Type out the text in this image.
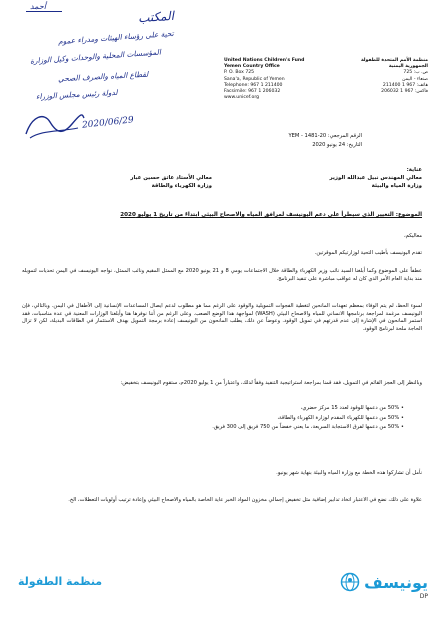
أحمد
المكتب
تحية على رؤساء الهيئات ومدراء عموم
المؤسسات المحلية والوحدات وكيل الوزارة
لقطاع المياه والصرف الصحي
لدولة رئيس مجلس الوزراء
2020/06/29
United Nations Children's Fund
Yemen Country Office
P. O. Box 725
Sana'a, Republic of Yemen
Telephone: 967 1 211400
Facsimile: 967 1 206032
www.unicef.org
منظمة الأمم المتحدة للطفولة
الجمهورية اليمنية
ص. ب: 725
صنعاء - اليمن
هاتف: 967 1 211400
فاكس: 967 1 206032
الرقم المرجعي: YEM - 1481-20
التاريخ: 24 يونيو 2020
عناية:
معالي المهندس نبيل عبدالله الوزير
وزارة المياه والبيئة
معالي الأستاذ عاتق حسين عبار
وزارة الكهرباء والطاقة
الموضوع: التغيير الذي سيطرأ على دعم اليونيسف لمرافق المياه والاصحاح البيئي ابتداءً من تاريخ 1 يوليو 2020
معاليكم،
تقدم اليونيسف بأطيب التحية لوزارتيكم الموقرتين.
عطفاً على الموضوع وكما أبلغنا السيد نائب وزير الكهرباء والطاقة خلال الاجتماعات يومي 8 و 21 يونيو 2020 مع الممثل المقيم ونائب الممثل، نواجه اليونيسف في اليمن تحديات لتمويله منذ بداية العام الأمر الذي كان له عواقب مباشرة على تنفيذ البرنامج.
لسوء الحظ، لم يتم الوفاء بمعظم تعهدات المانحين لتغطية الفجوات التمويلية والوقود على الرغم مما هو مطلوب لدعم ايصال المساعدات الإنسانية إلى الأطفال في اليمن. وبالتالي، فإن اليونيسف مرغمة لمراجعة برنامجها الانساني للمياه والاصحاح البيئي (WASH) لمواجهة هذا الوضع الصعب. وعلى الرغم من أننا نوفرها هنا وأبلغنا الوزارات المعنية في عدة مناسبات، فقد استمر المانحون في الإشارة إلى عدم قدرتهم في تمويل الوقود. وعوضاً عن ذلك، يطلب المانحون من اليونيسف إعادة برمجة التمويل بهدف الاستثمار في الطاقات البديلة، لكن لا تزال الحاجة ملحة لبرنامج الوقود.
وبالنظر إلى العجز القائم في التمويل، فقد قمنا بمراجعة استراتيجية التنفيذ وفقاً لذلك، واعتباراً من 1 يوليو 2020م، ستقوم اليونيسف بتخفيض:
• 50% من دعمها للوقود لعدد 15 مركز حضري،
• 50% من دعمها للكهرباء المقدم لوزارة الكهرباء والطاقة،
• 50% من دعمها لفرق الاستجابة السريعة، ما يعني خفضاً من 750 فريق إلى 300 فريق.
نأمل أن تشاركوا هذه الخطة مع وزارة المياه والبيئة بنهاية شهر يونيو.
علاوة على ذلك، نضع في الاعتبار اتخاذ تدابير إضافية مثل تخفيض إجمالي مخزون المواد الخبر عاية الخاصة بالمياه والاصحاح البيئي وإعادة ترتيب أولويات التعطلات، الخ.
منظمة الطفولة	يونيسف
DP
